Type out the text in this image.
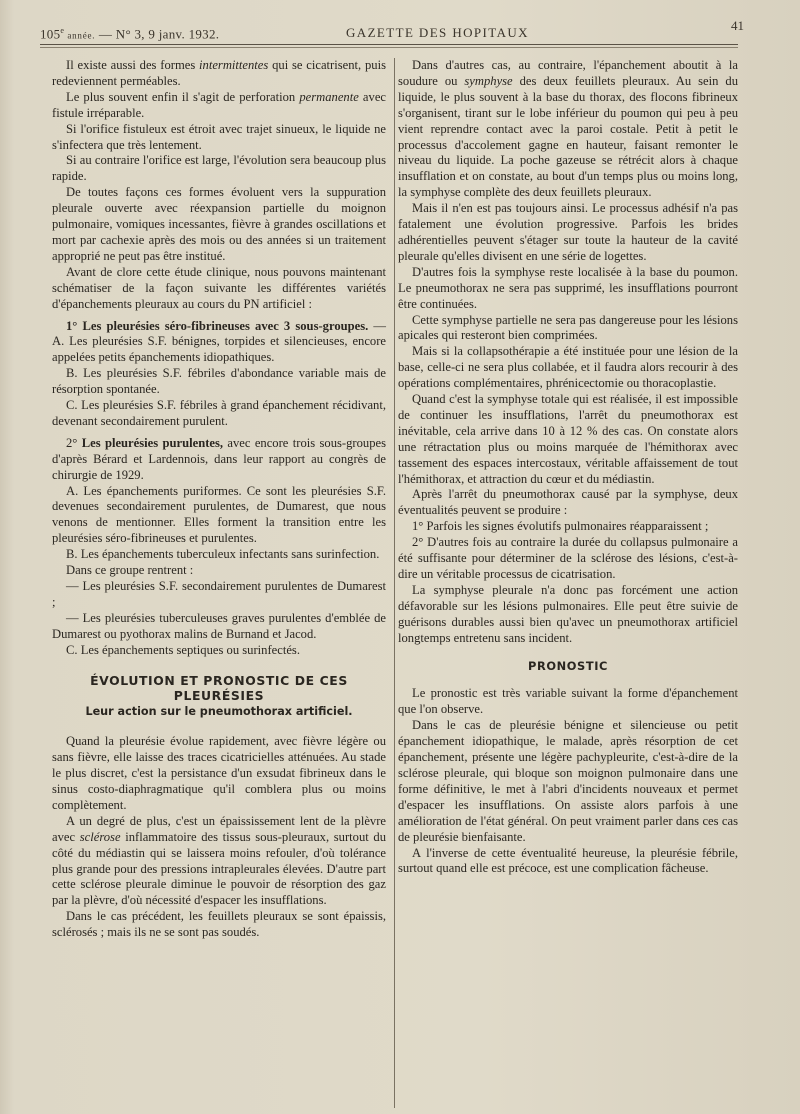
105e année. — N° 3, 9 janv. 1932.	GAZETTE DES HOPITAUX	41

Il existe aussi des formes intermittentes qui se cicatrisent, puis redeviennent perméables.

Le plus souvent enfin il s'agit de perforation permanente avec fistule irréparable.

Si l'orifice fistuleux est étroit avec trajet sinueux, le liquide ne s'infectera que très lentement.

Si au contraire l'orifice est large, l'évolution sera beaucoup plus rapide.

De toutes façons ces formes évoluent vers la suppuration pleurale ouverte avec réexpansion partielle du moignon pulmonaire, vomiques incessantes, fièvre à grandes oscillations et mort par cachexie après des mois ou des années si un traitement approprié ne peut pas être institué.

Avant de clore cette étude clinique, nous pouvons maintenant schématiser de la façon suivante les différentes variétés d'épanchements pleuraux au cours du PN artificiel :

1° Les pleurésies séro-fibrineuses avec 3 sous-groupes. — A. Les pleurésies S.F. bénignes, torpides et silencieuses, encore appelées petits épanchements idiopathiques.

B. Les pleurésies S.F. fébriles d'abondance variable mais de résorption spontanée.

C. Les pleurésies S.F. fébriles à grand épanchement récidivant, devenant secondairement purulent.

2° Les pleurésies purulentes, avec encore trois sous-groupes d'après Bérard et Lardennois, dans leur rapport au congrès de chirurgie de 1929.

A. Les épanchements puriformes. Ce sont les pleurésies S.F. devenues secondairement purulentes, de Dumarest, que nous venons de mentionner. Elles forment la transition entre les pleurésies séro-fibrineuses et purulentes.

B. Les épanchements tuberculeux infectants sans surinfection.

Dans ce groupe rentrent :

— Les pleurésies S.F. secondairement purulentes de Dumarest ;

— Les pleurésies tuberculeuses graves purulentes d'emblée de Dumarest ou pyothorax malins de Burnand et Jacod.

C. Les épanchements septiques ou surinfectés.

ÉVOLUTION ET PRONOSTIC DE CES PLEURÉSIES

Leur action sur le pneumothorax artificiel.

Quand la pleurésie évolue rapidement, avec fièvre légère ou sans fièvre, elle laisse des traces cicatricielles atténuées. Au stade le plus discret, c'est la persistance d'un exsudat fibrineux dans le sinus costo-diaphragmatique qu'il comblera plus ou moins complètement.

A un degré de plus, c'est un épaississement lent de la plèvre avec sclérose inflammatoire des tissus sous-pleuraux, surtout du côté du médiastin qui se laissera moins refouler, d'où tolérance plus grande pour des pressions intrapleurales élevées. D'autre part cette sclérose pleurale diminue le pouvoir de résorption des gaz par la plèvre, d'où nécessité d'espacer les insufflations.

Dans le cas précédent, les feuillets pleuraux se sont épaissis, sclérosés ; mais ils ne se sont pas soudés.

Dans d'autres cas, au contraire, l'épanchement aboutit à la soudure ou symphyse des deux feuillets pleuraux. Au sein du liquide, le plus souvent à la base du thorax, des flocons fibrineux s'organisent, tirant sur le lobe inférieur du poumon qui peu à peu vient reprendre contact avec la paroi costale. Petit à petit le processus d'accolement gagne en hauteur, faisant remonter le niveau du liquide. La poche gazeuse se rétrécit alors à chaque insufflation et on constate, au bout d'un temps plus ou moins long, la symphyse complète des deux feuillets pleuraux.

Mais il n'en est pas toujours ainsi. Le processus adhésif n'a pas fatalement une évolution progressive. Parfois les brides adhérentielles peuvent s'étager sur toute la hauteur de la cavité pleurale qu'elles divisent en une série de logettes.

D'autres fois la symphyse reste localisée à la base du poumon. Le pneumothorax ne sera pas supprimé, les insufflations pourront être continuées.

Cette symphyse partielle ne sera pas dangereuse pour les lésions apicales qui resteront bien comprimées.

Mais si la collapsothérapie a été instituée pour une lésion de la base, celle-ci ne sera plus collabée, et il faudra alors recourir à des opérations complémentaires, phrénicectomie ou thoracoplastie.

Quand c'est la symphyse totale qui est réalisée, il est impossible de continuer les insufflations, l'arrêt du pneumothorax est inévitable, cela arrive dans 10 à 12 % des cas. On constate alors une rétractation plus ou moins marquée de l'hémithorax avec tassement des espaces intercostaux, véritable affaissement de tout l'hémithorax, et attraction du cœur et du médiastin.

Après l'arrêt du pneumothorax causé par la symphyse, deux éventualités peuvent se produire :

1° Parfois les signes évolutifs pulmonaires réapparaissent ;

2° D'autres fois au contraire la durée du collapsus pulmonaire a été suffisante pour déterminer de la sclérose des lésions, c'est-à-dire un véritable processus de cicatrisation.

La symphyse pleurale n'a donc pas forcément une action défavorable sur les lésions pulmonaires. Elle peut être suivie de guérisons durables aussi bien qu'avec un pneumothorax artificiel longtemps entretenu sans incident.

PRONOSTIC

Le pronostic est très variable suivant la forme d'épanchement que l'on observe.

Dans le cas de pleurésie bénigne et silencieuse ou petit épanchement idiopathique, le malade, après résorption de cet épanchement, présente une légère pachypleurite, c'est-à-dire de la sclérose pleurale, qui bloque son moignon pulmonaire dans une forme définitive, le met à l'abri d'incidents nouveaux et permet d'espacer les insufflations. On assiste alors parfois à une amélioration de l'état général. On peut vraiment parler dans ces cas de pleurésie bienfaisante.

A l'inverse de cette éventualité heureuse, la pleurésie fébrile, surtout quand elle est précoce, est une complication fâcheuse.
